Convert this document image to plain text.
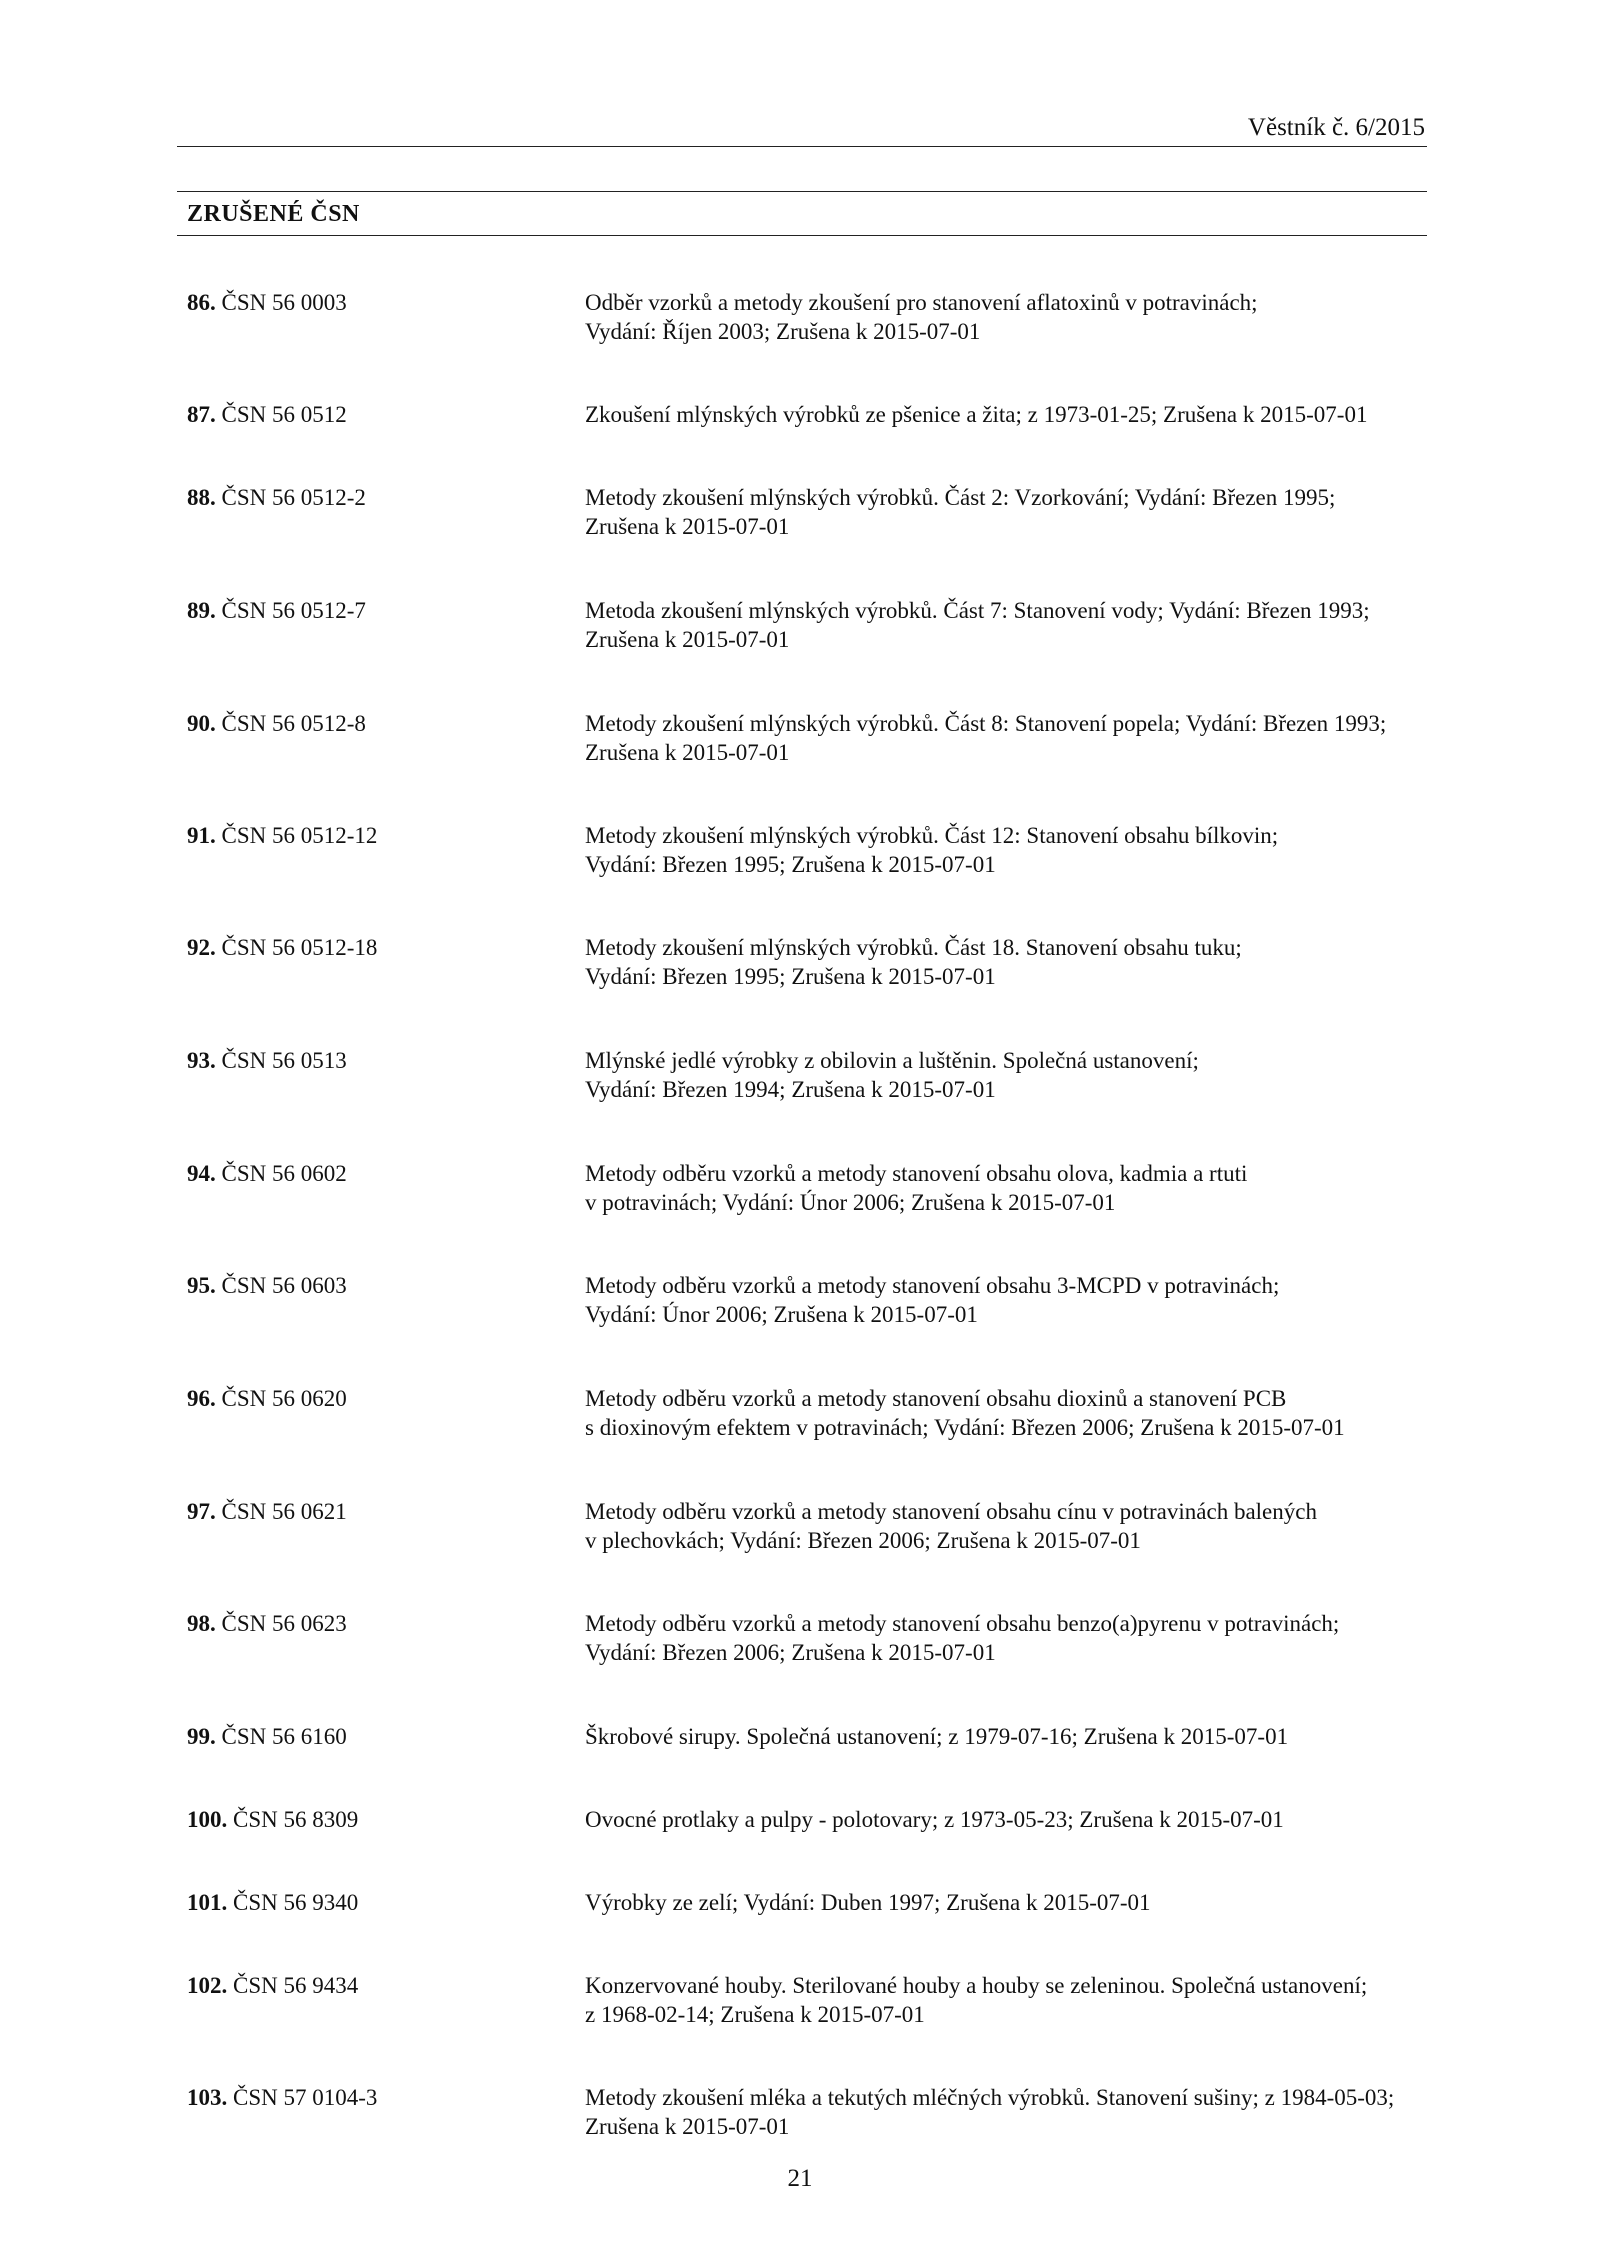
Věstník č. 6/2015
ZRUŠENÉ ČSN
86. ČSN 56 0003	Odběr vzorků a metody zkoušení pro stanovení aflatoxinů v potravinách;
Vydání: Říjen 2003; Zrušena k 2015-07-01
87. ČSN 56 0512	Zkoušení mlýnských výrobků ze pšenice a žita; z 1973-01-25; Zrušena k 2015-07-01
88. ČSN 56 0512-2	Metody zkoušení mlýnských výrobků. Část 2: Vzorkování; Vydání: Březen 1995;
Zrušena k 2015-07-01
89. ČSN 56 0512-7	Metoda zkoušení mlýnských výrobků. Část 7: Stanovení vody; Vydání: Březen 1993;
Zrušena k 2015-07-01
90. ČSN 56 0512-8	Metody zkoušení mlýnských výrobků. Část 8: Stanovení popela; Vydání: Březen 1993;
Zrušena k 2015-07-01
91. ČSN 56 0512-12	Metody zkoušení mlýnských výrobků. Část 12: Stanovení obsahu bílkovin;
Vydání: Březen 1995; Zrušena k 2015-07-01
92. ČSN 56 0512-18	Metody zkoušení mlýnských výrobků. Část 18. Stanovení obsahu tuku;
Vydání: Březen 1995; Zrušena k 2015-07-01
93. ČSN 56 0513	Mlýnské jedlé výrobky z obilovin a luštěnin. Společná ustanovení;
Vydání: Březen 1994; Zrušena k 2015-07-01
94. ČSN 56 0602	Metody odběru vzorků a metody stanovení obsahu olova, kadmia a rtuti
v potravinách; Vydání: Únor 2006; Zrušena k 2015-07-01
95. ČSN 56 0603	Metody odběru vzorků a metody stanovení obsahu 3-MCPD v potravinách;
Vydání: Únor 2006; Zrušena k 2015-07-01
96. ČSN 56 0620	Metody odběru vzorků a metody stanovení obsahu dioxinů a stanovení PCB
s dioxinovým efektem v potravinách; Vydání: Březen 2006; Zrušena k 2015-07-01
97. ČSN 56 0621	Metody odběru vzorků a metody stanovení obsahu cínu v potravinách balených
v plechovkách; Vydání: Březen 2006; Zrušena k 2015-07-01
98. ČSN 56 0623	Metody odběru vzorků a metody stanovení obsahu benzo(a)pyrenu v potravinách;
Vydání: Březen 2006; Zrušena k 2015-07-01
99. ČSN 56 6160	Škrobové sirupy. Společná ustanovení; z 1979-07-16; Zrušena k 2015-07-01
100. ČSN 56 8309	Ovocné protlaky a pulpy - polotovary; z 1973-05-23; Zrušena k 2015-07-01
101. ČSN 56 9340	Výrobky ze zelí; Vydání: Duben 1997; Zrušena k 2015-07-01
102. ČSN 56 9434	Konzervované houby. Sterilované houby a houby se zeleninou. Společná ustanovení;
z 1968-02-14; Zrušena k 2015-07-01
103. ČSN 57 0104-3	Metody zkoušení mléka a tekutých mléčných výrobků. Stanovení sušiny; z 1984-05-03;
Zrušena k 2015-07-01
21
